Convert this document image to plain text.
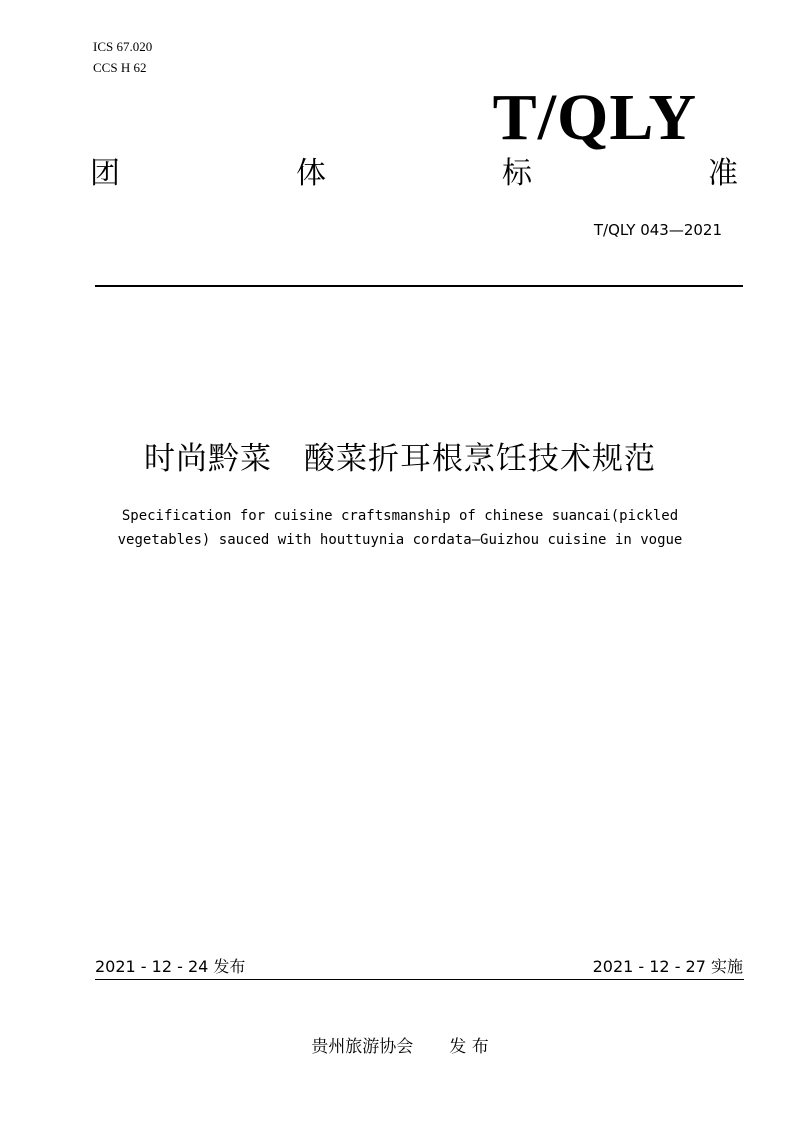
ICS 67.020
CCS H 62
T/QLY
团	体	标	准
T/QLY 043—2021
时尚黔菜　酸菜折耳根烹饪技术规范
Specification for cuisine craftsmanship of chinese suancai(pickled
vegetables) sauced with houttuynia cordata—Guizhou cuisine in vogue
2021 - 12 - 24 发布	2021 - 12 - 27 实施
贵州旅游协会 发 布
